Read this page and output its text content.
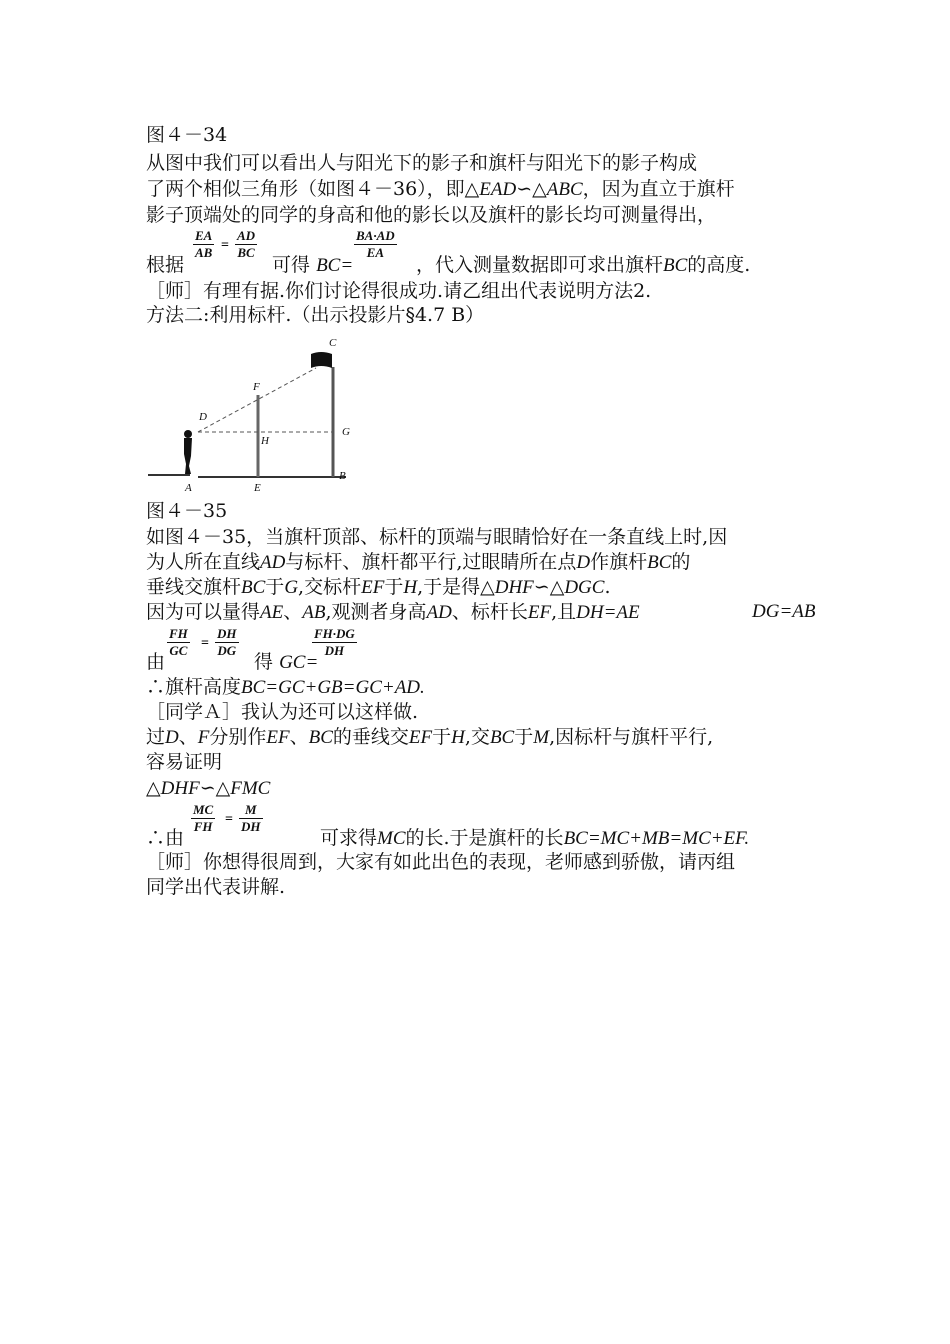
图４－34
从图中我们可以看出人与阳光下的影子和旗杆与阳光下的影子构成
了两个相似三角形（如图４－36），即△EAD∽△ABC，因为直立于旗杆
影子顶端处的同学的身高和他的影长以及旗杆的影长均可测量得出，
$\frac{EA}{AB} = \frac{AD}{BC}$	$\frac{BA\cdot AD}{EA}$
根据	可得 BC=	，代入测量数据即可求出旗杆BC的高度.
［师］有理有据.你们讨论得很成功.请乙组出代表说明方法2.
方法二:利用标杆.（出示投影片§4.7 B）
C
F
D
G
H
A	E
B
图４－35
如图４－35，当旗杆顶部、标杆的顶端与眼睛恰好在一条直线上时,因
为人所在直线AD与标杆、旗杆都平行,过眼睛所在点D作旗杆BC的
垂线交旗杆BC于G,交标杆EF于H,于是得△DHF∽△DGC.
因为可以量得AE、AB,观测者身高AD、标杆长EF,且DH=AE	DG=AB
$\frac{FH}{GC} = \frac{DH}{DG}$	$\frac{FH\cdot DG}{DH}$
由	得 GC=
∴旗杆高度BC=GC+GB=GC+AD.
［同学Ａ］我认为还可以这样做.
过D、F分别作EF、BC的垂线交EF于H,交BC于M,因标杆与旗杆平行,
容易证明
△DHF∽△FMC
$\frac{MC}{FH} = \frac{M}{DH}$
∴由	可求得MC的长.于是旗杆的长BC=MC+MB=MC+EF.
［师］你想得很周到，大家有如此出色的表现，老师感到骄傲，请丙组
同学出代表讲解.
